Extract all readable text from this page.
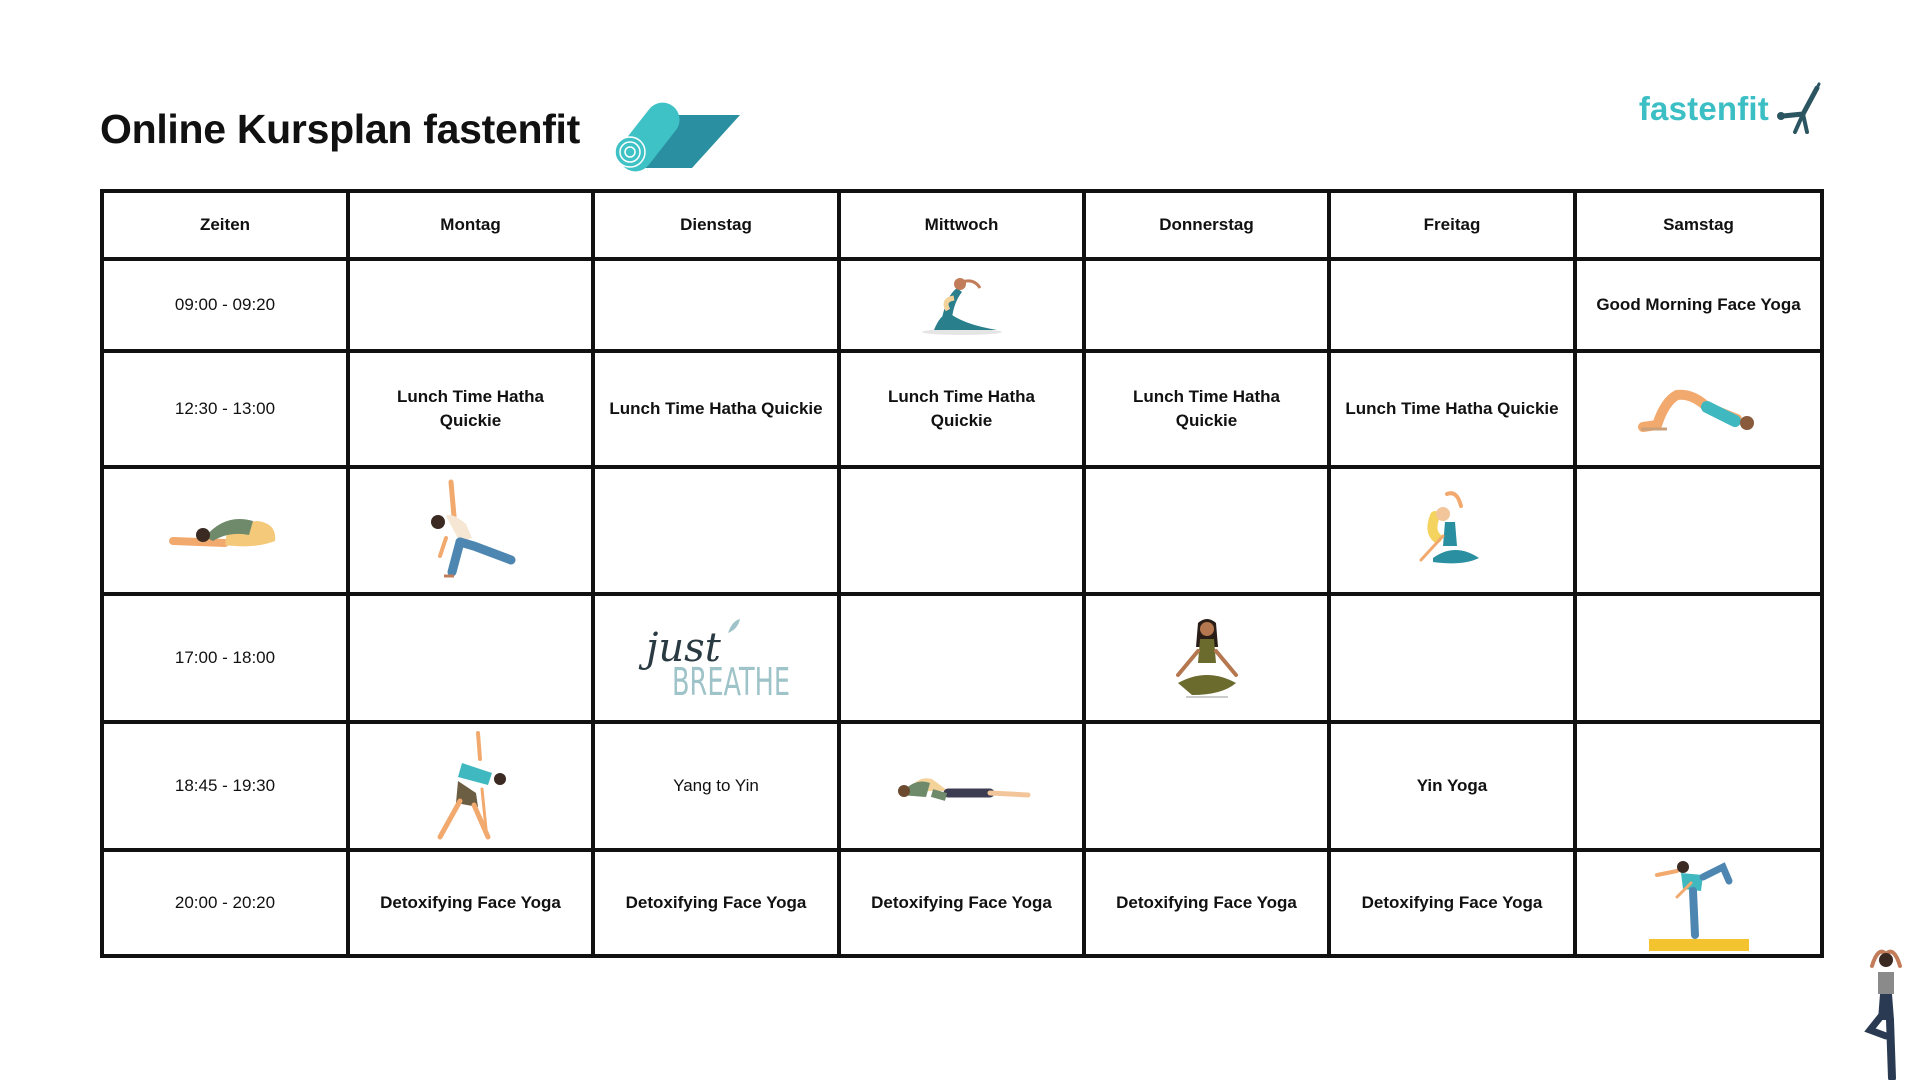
Online Kursplan fastenfit	fastenfit
Zeiten	Montag	Dienstag	Mittwoch	Donnerstag	Freitag	Samstag
09:00 - 09:20						Good Morning Face Yoga
12:30 - 13:00	Lunch Time Hatha Quickie	Lunch Time Hatha Quickie	Lunch Time Hatha Quickie	Lunch Time Hatha Quickie	Lunch Time Hatha Quickie	

17:00 - 18:00		just
BREATHE

18:45 - 19:30		Yang to Yin			Yin Yoga	
20:00 - 20:20	Detoxifying Face Yoga	Detoxifying Face Yoga	Detoxifying Face Yoga	Detoxifying Face Yoga	Detoxifying Face Yoga	
